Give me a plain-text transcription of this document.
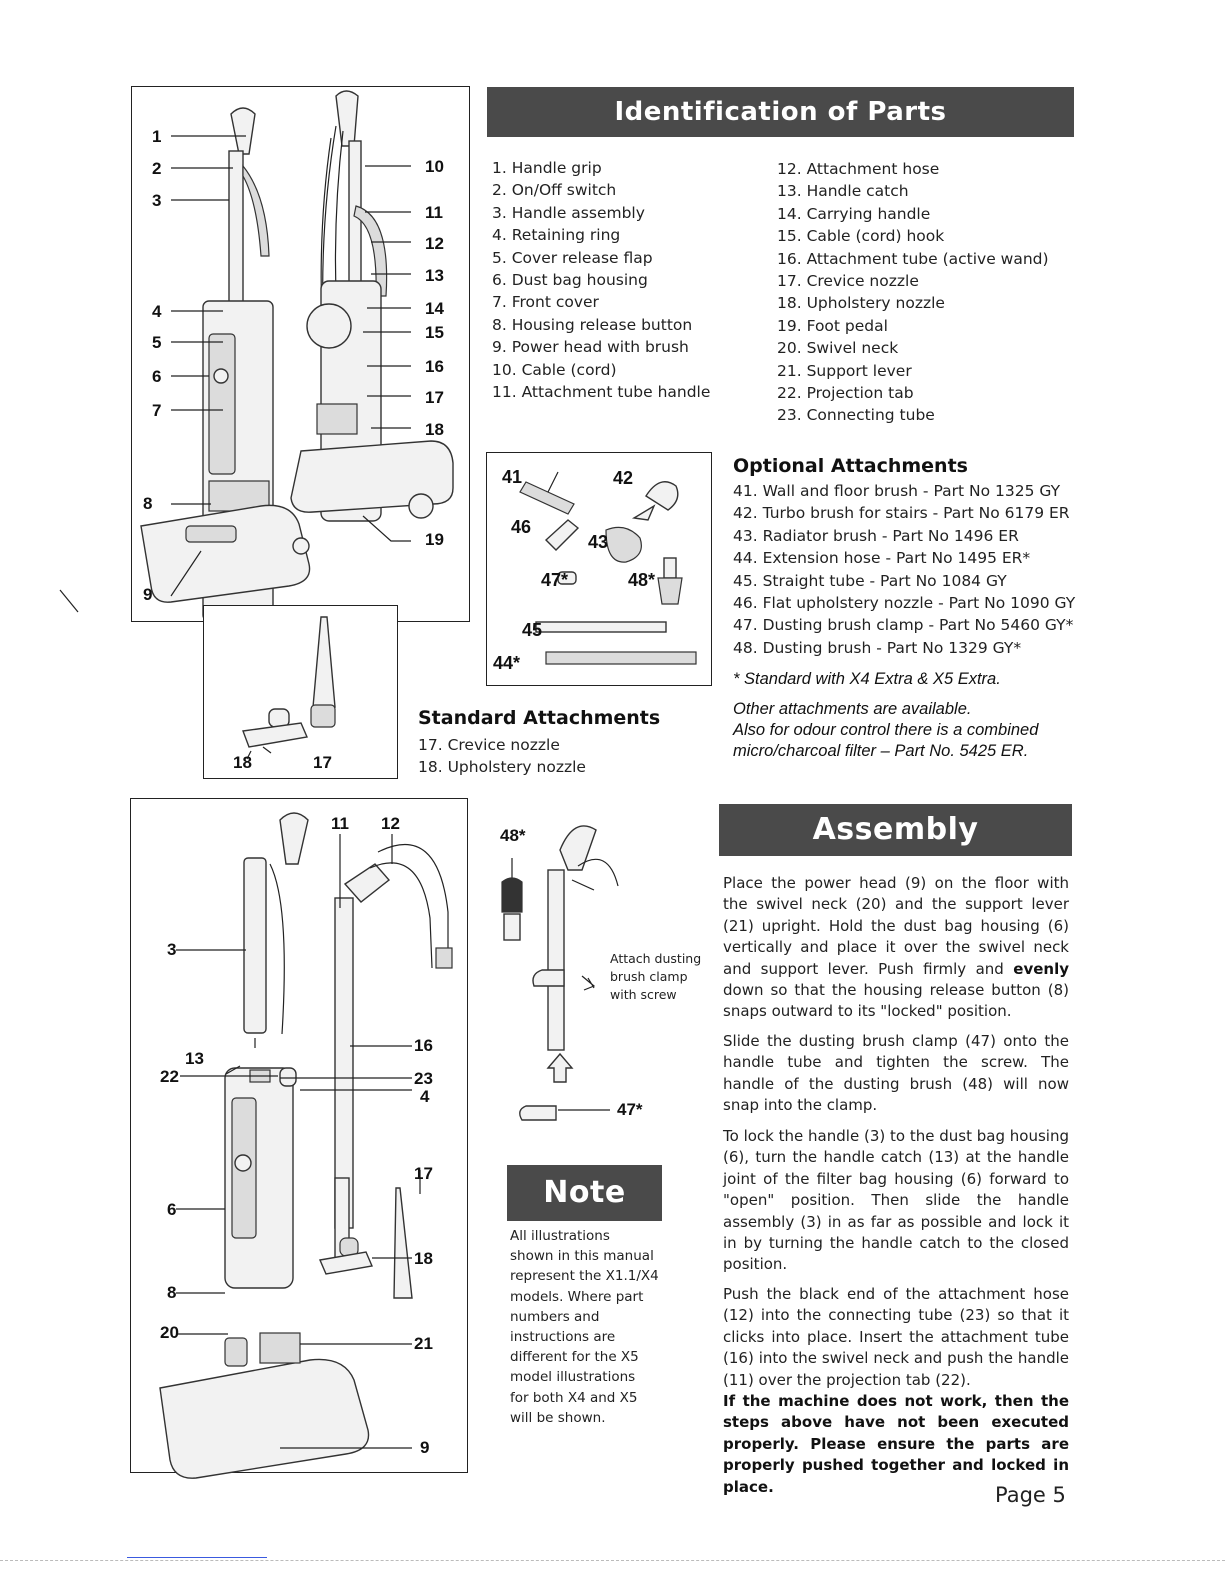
1
2
3
4
5
6
7
8
9
10
11
12
13
14
15
16
17
18
19
18	17
Identification of Parts
1. Handle grip
2. On/Off switch
3. Handle assembly
4. Retaining ring
5. Cover release flap
6. Dust bag housing
7. Front cover
8. Housing release button
9. Power head with brush
10. Cable (cord)
11. Attachment tube handle
12. Attachment hose
13. Handle catch
14. Carrying handle
15. Cable (cord) hook
16. Attachment tube (active wand)
17. Crevice nozzle
18. Upholstery nozzle
19. Foot pedal
20. Swivel neck
21. Support lever
22. Projection tab
23. Connecting tube
41	42
46
43
47*	48*
45
44*
Standard Attachments
17. Crevice nozzle
18. Upholstery nozzle
Optional Attachments
41. Wall and floor brush - Part No 1325 GY
42. Turbo brush for stairs - Part No 6179 ER
43. Radiator brush - Part No 1496 ER
44. Extension hose - Part No 1495 ER*
45. Straight tube - Part No 1084 GY
46. Flat upholstery nozzle - Part No 1090 GY
47. Dusting brush clamp - Part No 5460 GY*
48. Dusting brush - Part No 1329 GY*
* Standard with X4 Extra & X5 Extra.
Other attachments are available.
Also for odour control there is a combined
micro/charcoal filter – Part No. 5425 ER.
11 12
3
13
22
6
8
20
16
23
4
17
18
21
9
48*
Attach dusting
brush clamp
with screw
47*
Note
All illustrations
shown in this manual
represent the X1.1/X4
models. Where part
numbers and
instructions are
different for the X5
model illustrations
for both X4 and X5
will be shown.
Assembly
Place the power head (9) on the floor with the swivel neck (20) and the support lever (21) upright. Hold the dust bag housing (6) vertically and place it over the swivel neck and support lever. Push firmly and evenly down so that the housing release button (8) snaps outward to its "locked" position.
Slide the dusting brush clamp (47) onto the handle tube and tighten the screw. The handle of the dusting brush (48) will now snap into the clamp.
To lock the handle (3) to the dust bag housing (6), turn the handle catch (13) at the handle joint of the filter bag housing (6) forward to "open" position. Then slide the handle assembly (3) in as far as possible and lock it in by turning the handle catch to the closed position.
Push the black end of the attachment hose (12) into the connecting tube (23) so that it clicks into place. Insert the attachment tube (16) into the swivel neck and push the handle (11) over the projection tab (22).
If the machine does not work, then the steps above have not been executed properly. Please ensure the parts are properly pushed together and locked in place.	Page 5
